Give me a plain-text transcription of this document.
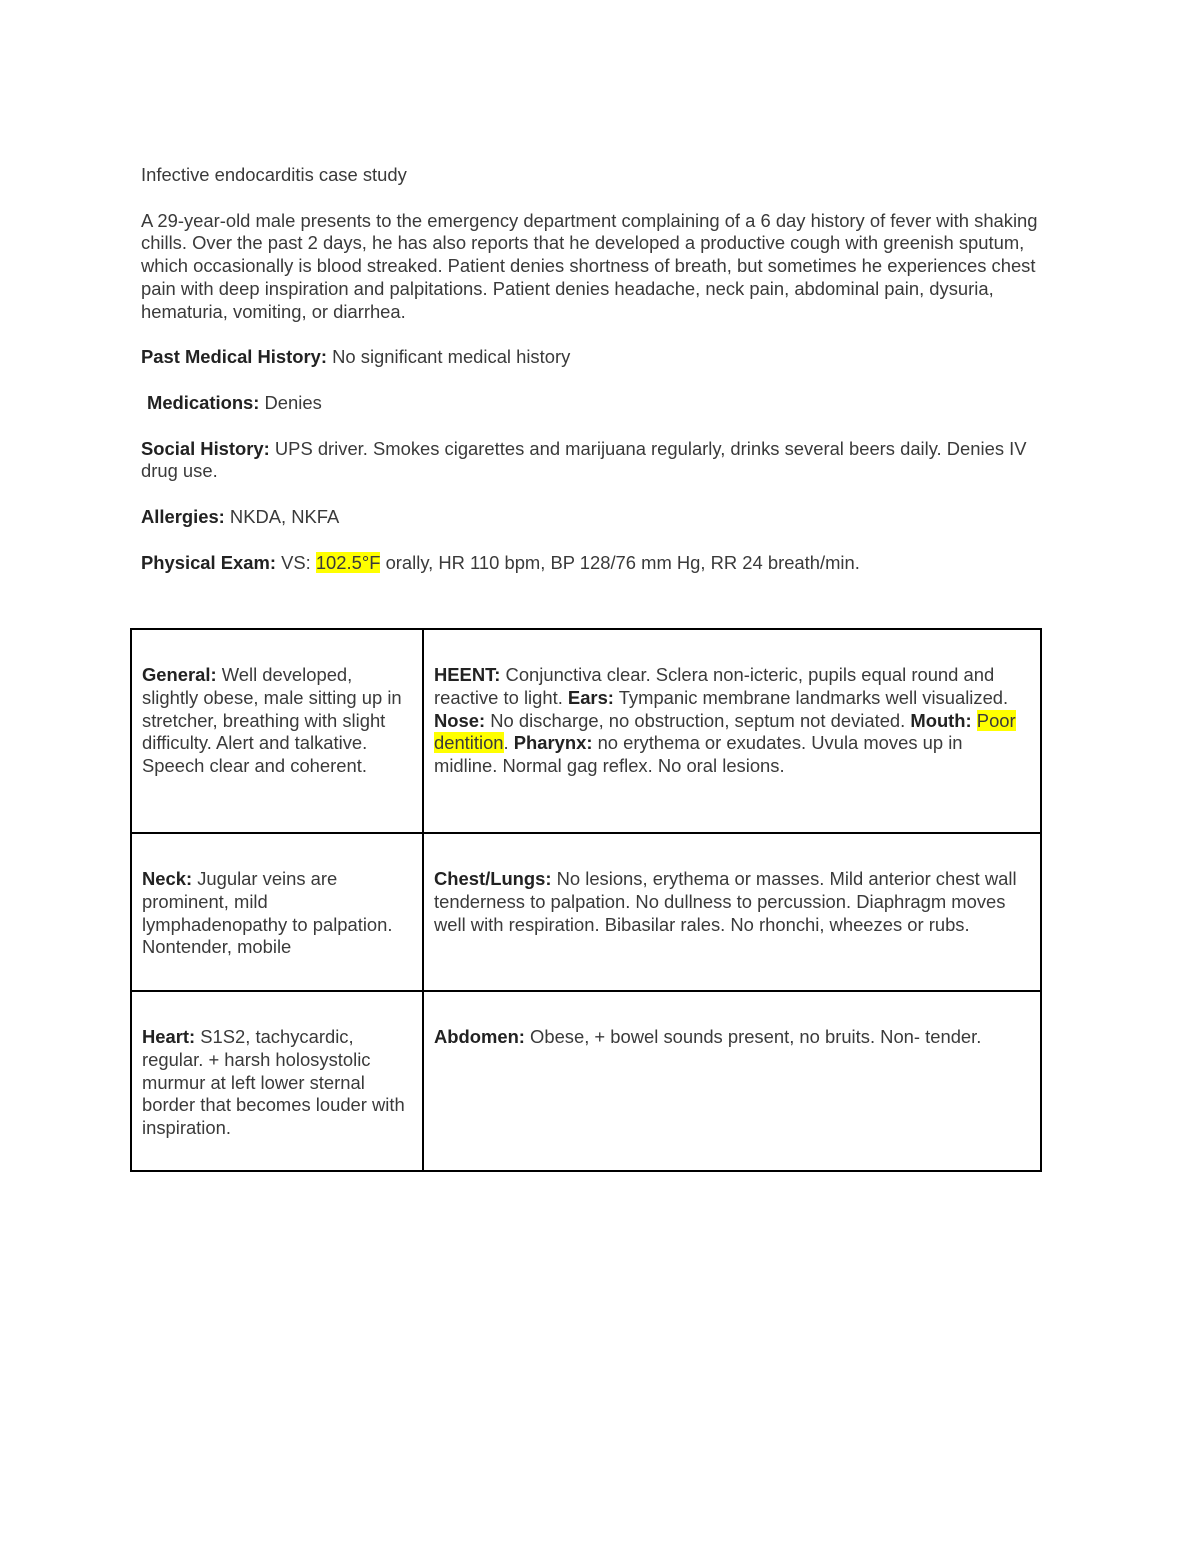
Infective endocarditis case study

A 29-year-old male presents to the emergency department complaining of a 6 day history of fever with shaking chills. Over the past 2 days, he has also reports that he developed a productive cough with greenish sputum, which occasionally is blood streaked. Patient denies shortness of breath, but sometimes he experiences chest pain with deep inspiration and palpitations. Patient denies headache, neck pain, abdominal pain, dysuria, hematuria, vomiting, or diarrhea.

Past Medical History: No significant medical history

Medications: Denies

Social History: UPS driver. Smokes cigarettes and marijuana regularly, drinks several beers daily. Denies IV drug use.

Allergies: NKDA, NKFA

Physical Exam: VS: 102.5°F orally, HR 110 bpm, BP 128/76 mm Hg, RR 24 breath/min.

General: Well developed, slightly obese, male sitting up in stretcher, breathing with slight difficulty. Alert and talkative. Speech clear and coherent.	HEENT: Conjunctiva clear. Sclera non-icteric, pupils equal round and reactive to light. Ears: Tympanic membrane landmarks well visualized. Nose: No discharge, no obstruction, septum not deviated. Mouth: Poor dentition. Pharynx: no erythema or exudates. Uvula moves up in midline. Normal gag reflex. No oral lesions.
Neck: Jugular veins are prominent, mild lymphadenopathy to palpation. Nontender, mobile	Chest/Lungs: No lesions, erythema or masses. Mild anterior chest wall tenderness to palpation. No dullness to percussion. Diaphragm moves well with respiration. Bibasilar rales. No rhonchi, wheezes or rubs.
Heart: S1S2, tachycardic, regular. + harsh holosystolic murmur at left lower sternal border that becomes louder with inspiration.	Abdomen: Obese, + bowel sounds present, no bruits. Non- tender.
